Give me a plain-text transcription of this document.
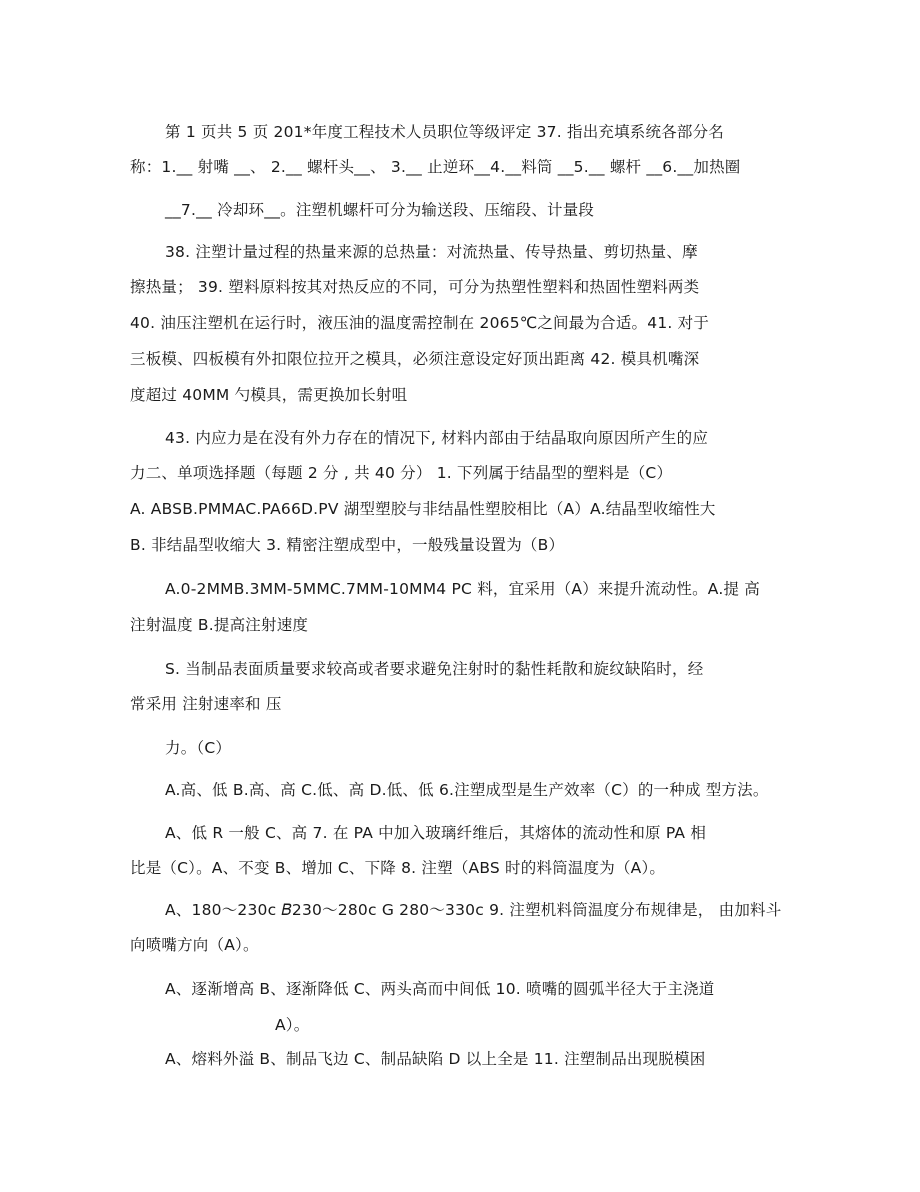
第 1 页共 5 页 201*年度工程技术人员职位等级评定 37. 指出充填系统各部分名
称：1.__ 射嘴 __、 2.__ 螺杆头__、 3.__ 止逆环__4.__料筒 __5.__ 螺杆 __6.__加热圈
__7.__ 冷却环__。注塑机螺杆可分为输送段、压缩段、计量段
38. 注塑计量过程的热量来源的总热量：对流热量、传导热量、剪切热量、摩
擦热量； 39. 塑料原料按其对热反应的不同，可分为热塑性塑料和热固性塑料两类
40. 油压注塑机在运行时，液压油的温度需控制在 2065℃之间最为合适。41. 对于
三板模、四板模有外扣限位拉开之模具，必须注意设定好顶出距离 42. 模具机嘴深
度超过 40MM 勺模具，需更换加长射咀
43. 内应力是在没有外力存在的情况下, 材料内部由于结晶取向原因所产生的应
力二、单项选择题（每题 2 分 , 共 40 分） 1. 下列属于结晶型的塑料是（C）
A. ABSB.PMMAC.PA66D.PV 湖型塑胶与非结晶性塑胶相比（A）A.结晶型收缩性大
B. 非结晶型收缩大 3. 精密注塑成型中，一般残量设置为（B）
A.0-2MMB.3MM-5MMC.7MM-10MM4 PC 料，宜采用（A）来提升流动性。A.提 高
注射温度 B.提高注射速度
S. 当制品表面质量要求较高或者要求避免注射时的黏性耗散和旋纹缺陷时，经
常采用 注射速率和 压
力。（C）
A.高、低 B.高、高 C.低、高 D.低、低 6.注塑成型是生产效率（C）的一种成 型方法。
A、低 R 一般 C、高 7. 在 PA 中加入玻璃纤维后，其熔体的流动性和原 PA 相
比是（C）。A、不变 B、增加 C、下降 8. 注塑（ABS 时的料筒温度为（A）。
A、180～230c 𝐵230～280c G 280～330c 9. 注塑机料筒温度分布规律是， 由加料斗
向喷嘴方向（A）。
A、逐渐增高 B、逐渐降低 C、两头高而中间低 10. 喷嘴的圆弧半径大于主浇道
A）。
A、熔料外溢 B、制品飞边 C、制品缺陷 D 以上全是 11. 注塑制品出现脱模困
